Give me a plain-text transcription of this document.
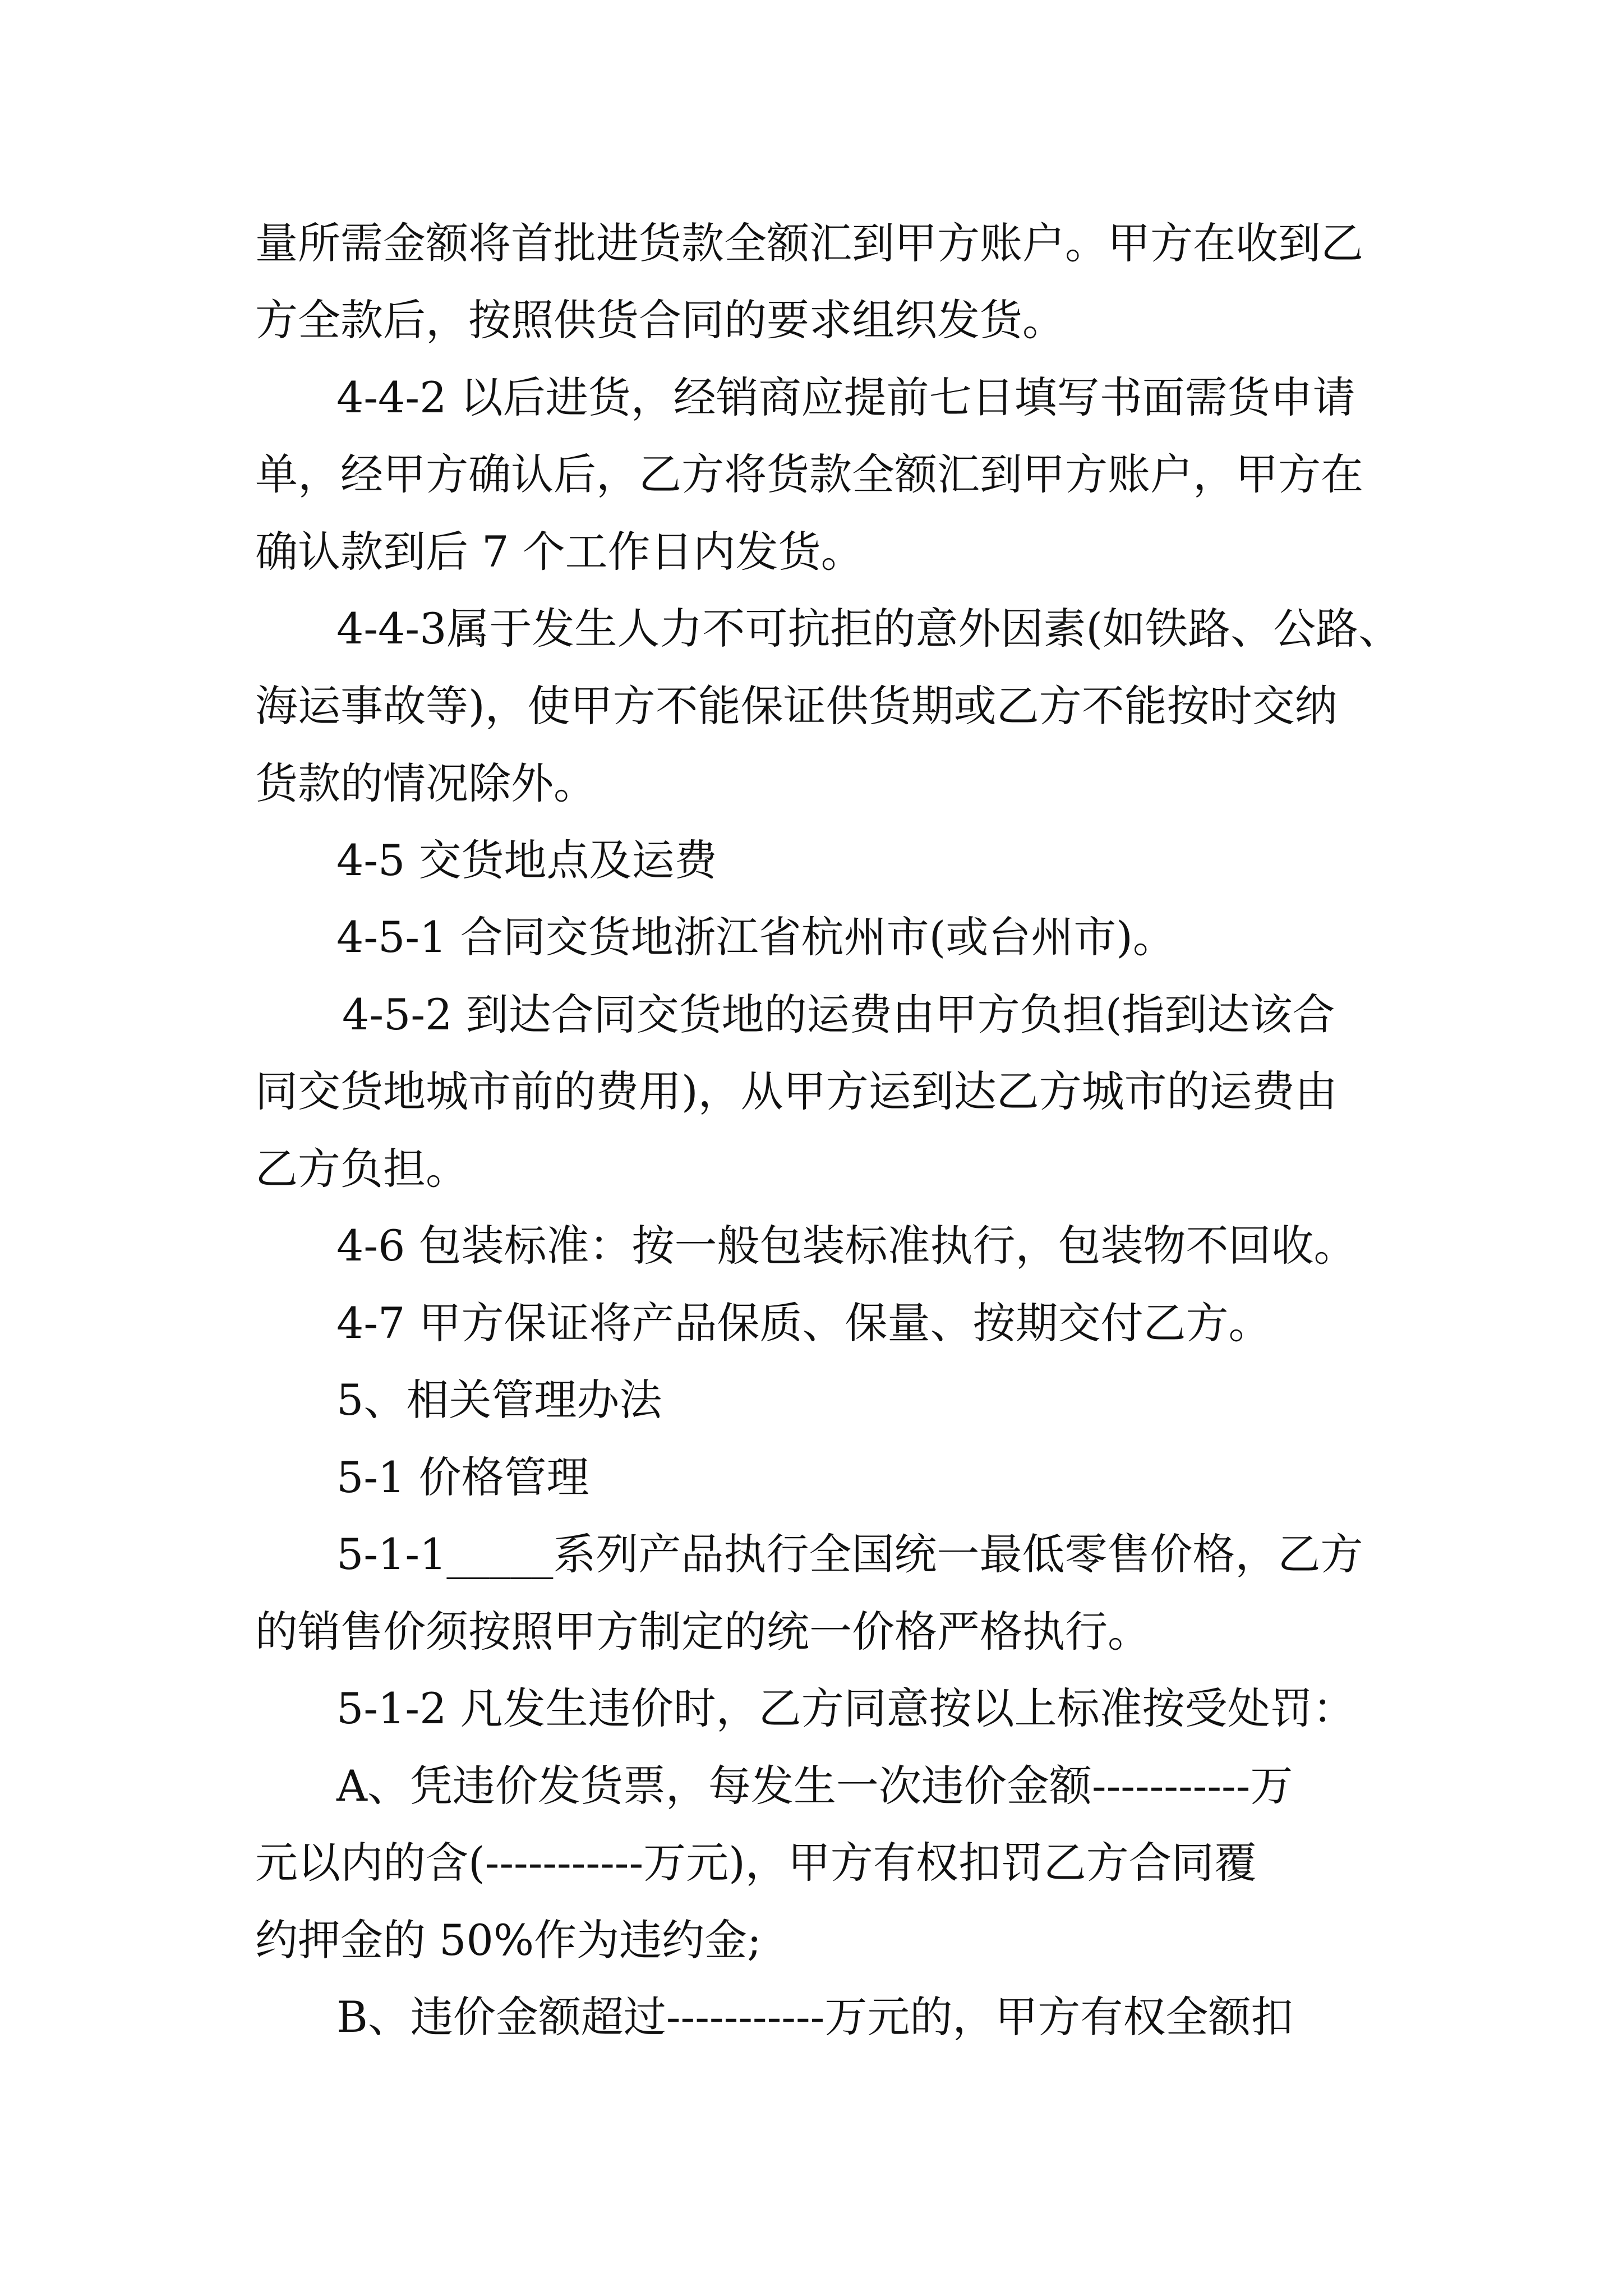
量所需金额将首批进货款全额汇到甲方账户。甲方在收到乙

方全款后，按照供货合同的要求组织发货。

4-4-2 以后进货，经销商应提前七日填写书面需货申请

单，经甲方确认后，乙方将货款全额汇到甲方账户，甲方在

确认款到后 7 个工作日内发货。

4-4-3属于发生人力不可抗拒的意外因素(如铁路、公路、

海运事故等)，使甲方不能保证供货期或乙方不能按时交纳

货款的情况除外。

4-5 交货地点及运费

4-5-1 合同交货地浙江省杭州市(或台州市)。

4-5-2 到达合同交货地的运费由甲方负担(指到达该合

同交货地城市前的费用)，从甲方运到达乙方城市的运费由

乙方负担。

4-6 包装标准：按一般包装标准执行，包装物不回收。

4-7 甲方保证将产品保质、保量、按期交付乙方。

5、相关管理办法

5-1 价格管理

5-1-1_____系列产品执行全国统一最低零售价格，乙方

的销售价须按照甲方制定的统一价格严格执行。

5-1-2 凡发生违价时，乙方同意按以上标准按受处罚：

A、凭违价发货票，每发生一次违价金额-----------万

元以内的含(-----------万元)，甲方有权扣罚乙方合同覆

约押金的 50%作为违约金;

B、违价金额超过-----------万元的，甲方有权全额扣
